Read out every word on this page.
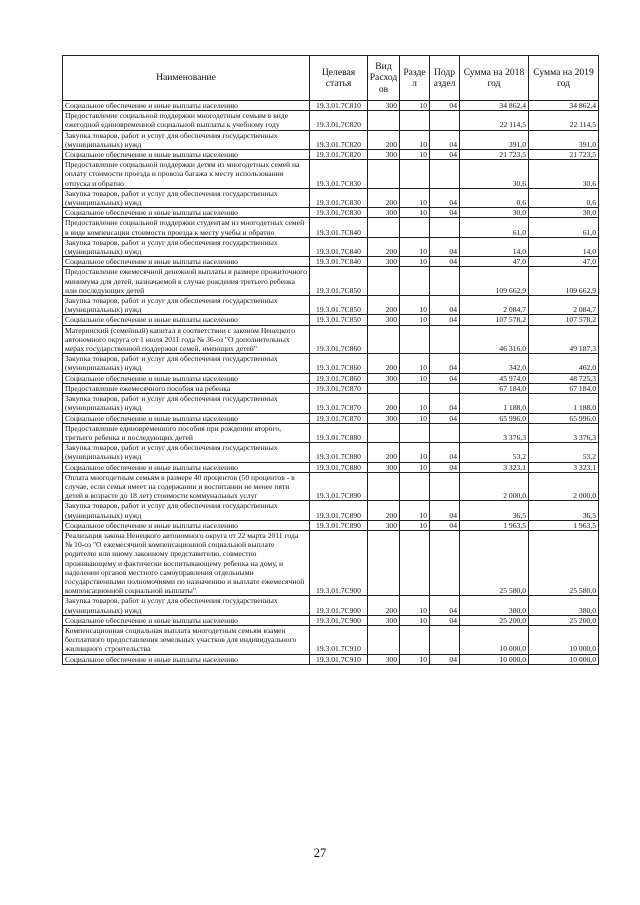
Наименование	Целевая статья	Вид Расход ов	Разде л	Подр аздел	Сумма на 2018 год	Сумма на 2019 год
Социальное обеспечение и иные выплаты населению	19.3.01.7C810	300	10	04	34 862,4	34 862,4
Предоставление социальной поддержки многодетным семьям в виде ежегодной единовременной социальной выплаты к учебному году	19.3.01.7C820				22 114,5	22 114,5
Закупка товаров, работ и услуг для обеспечения государственных (муниципальных) нужд	19.3.01.7C820	200	10	04	391,0	391,0
Социальное обеспечение и иные выплаты населению	19.3.01.7C820	300	10	04	21 723,5	21 723,5
Предоставление социальной поддержки детям из многодетных семей на оплату стоимости проезда и провоза багажа к месту использования отпуска и обратно	19.3.01.7C830				30,6	30,6
Закупка товаров, работ и услуг для обеспечения государственных (муниципальных) нужд	19.3.01.7C830	200	10	04	0,6	0,6
Социальное обеспечение и иные выплаты населению	19.3.01.7C830	300	10	04	30,0	30,0
Предоставление социальной поддержки студентам из многодетных семей в виде компенсации стоимости проезда к месту учебы и обратно	19.3.01.7C840				61,0	61,0
Закупка товаров, работ и услуг для обеспечения государственных (муниципальных) нужд	19.3.01.7C840	200	10	04	14,0	14,0
Социальное обеспечение и иные выплаты населению	19.3.01.7C840	300	10	04	47,0	47,0
Предоставление ежемесячной денежной выплаты в размере прожиточного минимума для детей, назначаемой в случае рождения третьего ребенка или последующих детей	19.3.01.7C850				109 662,9	109 662,9
Закупка товаров, работ и услуг для обеспечения государственных (муниципальных) нужд	19.3.01.7C850	200	10	04	2 084,7	2 084,7
Социальное обеспечение и иные выплаты населению	19.3.01.7C850	300	10	04	107 578,2	107 578,2
Материнский (семейный) капитал в соответствии с законом Ненецкого автономного округа от 1 июля 2011 года № 36-оз "О дополнительных мерах государственной поддержки семей, имеющих детей"	19.3.01.7C860				46 316,0	49 187,3
Закупка товаров, работ и услуг для обеспечения государственных (муниципальных) нужд	19.3.01.7C860	200	10	04	342,0	462,0
Социальное обеспечение и иные выплаты населению	19.3.01.7C860	300	10	04	45 974,0	48 725,3
Предоставление ежемесячного пособия на ребенка	19.3.01.7C870				67 184,0	67 184,0
Закупка товаров, работ и услуг для обеспечения государственных (муниципальных) нужд	19.3.01.7C870	200	10	04	1 188,0	1 188,0
Социальное обеспечение и иные выплаты населению	19.3.01.7C870	300	10	04	65 996,0	65 996,0
Предоставление единовременного пособия при рождении второго, третьего ребенка и последующих детей	19.3.01.7C880				3 376,3	3 376,3
Закупка товаров, работ и услуг для обеспечения государственных (муниципальных) нужд	19.3.01.7C880	200	10	04	53,2	53,2
Социальное обеспечение и иные выплаты населению	19.3.01.7C880	300	10	04	3 323,1	3 323,1
Оплата многодетным семьям в размере 40 процентов (50 процентов - в случае, если семья имеет на содержании и воспитании не менее пяти детей в возрасте до 18 лет) стоимости коммунальных услуг	19.3.01.7C890				2 000,0	2 000,0
Закупка товаров, работ и услуг для обеспечения государственных (муниципальных) нужд	19.3.01.7C890	200	10	04	36,5	36,5
Социальное обеспечение и иные выплаты населению	19.3.01.7C890	300	10	04	1 963,5	1 963,5
Реализация закона Ненецкого автономного округа от 22 марта 2011 года № 10-оз "О ежемесячной компенсационной социальной выплате родителю или иному законному представителю, совместно проживающему и фактически воспитывающему ребенка на дому, и наделении органов местного самоуправления отдельными государственными полномочиями по назначению и выплате ежемесячной компенсационной социальной выплаты"	19.3.01.7C900				25 580,0	25 580,0
Закупка товаров, работ и услуг для обеспечения государственных (муниципальных) нужд	19.3.01.7C900	200	10	04	380,0	380,0
Социальное обеспечение и иные выплаты населению	19.3.01.7C900	300	10	04	25 200,0	25 200,0
Компенсационная социальная выплата многодетным семьям взамен бесплатного предоставления земельных участков для индивидуального жилищного строительства	19.3.01.7C910				10 000,0	10 000,0
Социальное обеспечение и иные выплаты населению	19.3.01.7C910	300	10	04	10 000,0	10 000,0
27
